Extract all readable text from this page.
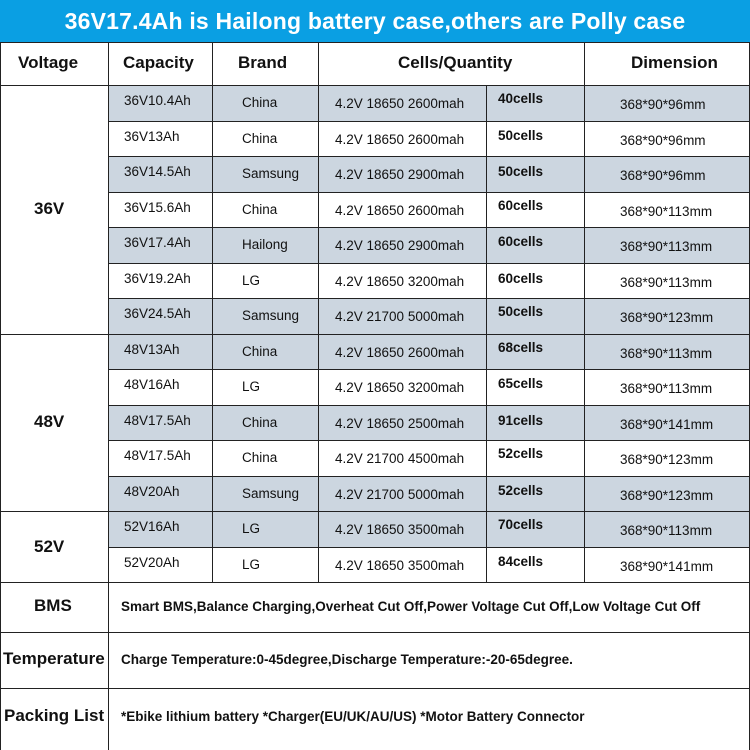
36V17.4Ah is Hailong battery case,others are Polly case
Voltage	Capacity	Brand	Cells/Quantity	Dimension
36V10.4Ah	China	4.2V 18650 2600mah	40cells	368*90*96mm
36V13Ah	China	4.2V 18650 2600mah	50cells	368*90*96mm
36V14.5Ah	Samsung	4.2V 18650 2900mah	50cells	368*90*96mm
36V15.6Ah	China	4.2V 18650 2600mah	60cells	368*90*113mm
36V17.4Ah	Hailong	4.2V 18650 2900mah	60cells	368*90*113mm
36V19.2Ah	LG	4.2V 18650 3200mah	60cells	368*90*113mm
36V24.5Ah	Samsung	4.2V 21700 5000mah	50cells	368*90*123mm
36V
48V13Ah	China	4.2V 18650 2600mah	68cells	368*90*113mm
48V16Ah	LG	4.2V 18650 3200mah	65cells	368*90*113mm
48V17.5Ah	China	4.2V 18650 2500mah	91cells	368*90*141mm
48V17.5Ah	China	4.2V 21700 4500mah	52cells	368*90*123mm
48V20Ah	Samsung	4.2V 21700 5000mah	52cells	368*90*123mm
48V
52V16Ah	LG	4.2V 18650 3500mah	70cells	368*90*113mm
52V20Ah	LG	4.2V 18650 3500mah	84cells	368*90*141mm
52V
BMS	Smart BMS,Balance Charging,Overheat Cut Off,Power Voltage Cut Off,Low Voltage Cut Off
Temperature Charge Temperature:0-45degree,Discharge Temperature:-20-65degree.
Packing List *Ebike lithium battery *Charger(EU/UK/AU/US) *Motor Battery Connector
